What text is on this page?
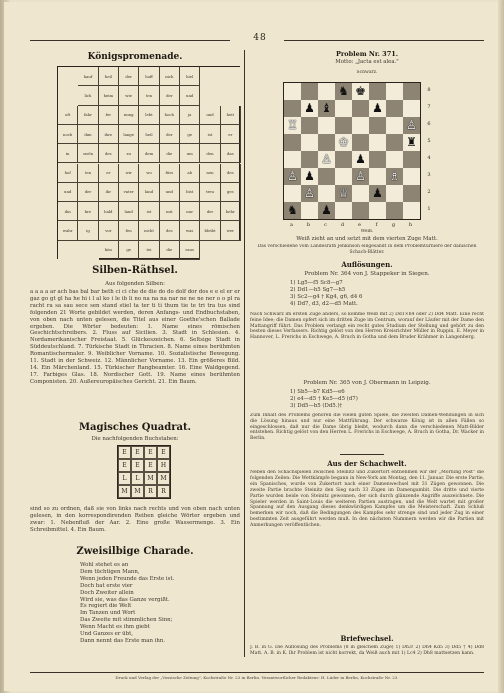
48
Königspromenade.
hauf	heil	der	hoff	nich	hiel
lich	heim	wie	ten	der	und
oft	fahr	fer	nung	lebt	hoch	ja	und	heit
noch	ihm	ihre	lange	heil	der	ge	ist	er
in	seeln	des	zu	dem	die	um	den	das
hof	ten	er	wir	wo	fürs	ab	nen	des
und	der	ihr	vater	land	und	bist	treu	ges
ihn	kre	bald	land	ist	mit	nur	der	hehr
wahr	ig	vor	fen	nicht	des	was	bleibt	wer
kön	ge	tei	die	raus
Silben-Räthsel.
Aus folgenden Silben:
a a a a ar ach bas bal bar beth ci ci che de die do do dolf dor dos e e el er er gaz go gt gl ha he hi i l al ko i le ib li no na na na nar ne ne ne ner o o pl ra racht ra sa sau sece sen stand stiel ta ter ti ti thum tie te tri tra tus sind folgenden 21 Worte gebildet werden, deren Anfangs- und Endbuchstaben, von oben nach unten gelesen, die Titel aus einer Goethe'schen Ballade ergeben. Die Wörter bedeuten: 1. Name eines römischen Geschichtschreibers. 2. Fluss auf Sicilien. 3. Stadt in Schlesien. 4. Nordamerikanischer Freistaat. 5. Glückeszeichen. 6. Seltsige Stadt in Süddeutschland. 7. Türkische Stadt in Thracien. 8. Name eines berühmten Romantischermaler. 9. Weiblicher Vorname. 10. Sozialistische Bewegung. 11. Stadt in der Schweiz. 12. Männlicher Vorname. 13. Ein größeres Bild. 14. Ein Märchenland. 15. Türkischer Rangbeamter. 16. Eine Waldgegend. 17. Farbiges Glas. 18. Nordischer Gott. 19. Name eines berühmten Componisten. 20. Außereuropäisches Gericht. 21. Ein Baum.
Magisches Quadrat.
Die nachfolgenden Buchstaben:
E	E	E	E
E	E	E	H
L	L	M	M
M	M	R	R
sind so zu ordnen, daß sie von links nach rechts und von oben nach unten gelesen, in den korrespondirenden Reihen gleiche Wörter ergeben und zwar: 1. Nebenfluß der Aar. 2. Eine große Wassermenge. 3. Ein Schreibmittel. 4. Ein Baum.
Zweisilbige Charade.
Wohl stehet es an
Dem tüchtigen Mann,
Wenn jeden Freunde das Erste ist.
Doch hat erste vier
Doch Zweiter allein
Wird sie, was das Ganze vergißt.
Es regiert die Welt
Im Tanzen und Wort
Das Zweite mit stimmlichen Sinn;
Wenn Macht es ihm giebt
Und Ganzes er übt,
Dann nennt das Erste man ihn.
Problem Nr. 371.
Motto: „Jacta est alea."
Schwarz.
♞ ♚
♟ ♝	♟
♖	♙
♔	♜
♙ ♟
♙ ♟	♙ ♗
♙ ♕ ♟
♞ ♟
8
7
6
5
4
3
2
1
a	b	c	d	e	f	g	h
Weiß.
Weiß zieht an und setzt mit dem vierten Zuge Matt.
Das verschiedene vom Landesrath Jenkinson eingesandt in dem Problemturniere der dänischen Schach-Blätter.
Auflösungen.
Problem Nr. 364 von J. Stappeker in Siegen.
1) Lg5—f5 Sc8—g7
2) Dd1—h5 Sg7—h5
3) Sc2—g4 † Kg4, g6, d4 6
4) Dd7, d3, d2—d5 Matt.
Nach Schwarz im ersten Zuge anders, so komme Weiß mit 2) Dd1×h4 oder 2) Dd4 Matt. Eine recht feine Idee; die Damen opfert sich im dritten Zuge im Centrum, worauf der Läufer mit der Dame den Mattangriff führt. Das Problem verlangt ein recht gutes Studium der Stellung und gehört zu den besten dieses Verfassers. Richtig gelöst von den Herren Kreisrichter Müller in Ruppin, E. Meyer in Hannover, L. Frerichs in Eschwege, A. Bruch in Gotha und dem Bruder Krähmer in Langenberg.
Problem Nr. 365 von J. Obermann in Leipzig.
1) Sb5—b7 Kd5—e6
2) e4—d5 † Ke5—d5 (d7)
3) Dd5—b5 (Dd5.)†
Zum Inhalt des Problems gehören die vielen guten Spiele, die zweiten Damen-Wendungen in sich die Lösung hinaus und nur eine Mattführung. Der schwarze König ist in allen Fällen so eingeschlossen, daß nur die Dame übrig bleibt, wodurch dann die verschiedenen Matt-Bilder entstehen. Richtig gelöst von den Herren L. Frerichs in Eschwege, A. Bruch in Gotha, Dr. Wacker in Berlin.
Aus der Schachwelt.
Neben den Schachspielen zwischen Steinitz und Zukertort entnehmen wir der „Morning Post" die folgenden Zeilen: Die Wettkämpfe begann in New-York am Montag, den 11. Januar. Die erste Partie, ein Spanisches, wurde von Zukertort nach einer Damenwechsel mit 31 Zügen gewonnen. Die zweite Partie brachte Steinitz den Sieg nach 33 Zügen im Damengambit. Die dritte und vierte Partie wurden beide von Steinitz gewonnen, der sich durch glänzende Angriffe auszeichnete. Die Spieler werden in Saint-Louis die weiteren Partien austragen, und die Welt wartet mit großer Spannung auf den Ausgang dieses denkwürdigen Kampfes um die Meisterschaft. Zum Schluß bemerken wir noch, daß die Bedingungen des Kampfes sehr strenge sind und jeder Zug in einer bestimmten Zeit ausgeführt werden muß. In den nächsten Nummern werden wir die Partien mit Anmerkungen veröffentlichen.
Briefwechsel.
J. B. in G. Die Auflösung des Problems (8 in gleichem Zuge) 1) Dh3! 2) Dh4 Kd5 3) Dd5 † 4) Dd8 Matt. A. B. in K. Ihr Problem ist nicht korrekt, da Weiß auch mit 1) Lc4 2) Dh8 mattsetzen kann.
Druck und Verlag der „Vossische Zeitung", Kochstraße Nr. 23 in Berlin. Verantwortlicher Redakteur: H. Lüder in Berlin, Kochstraße Nr. 23.
